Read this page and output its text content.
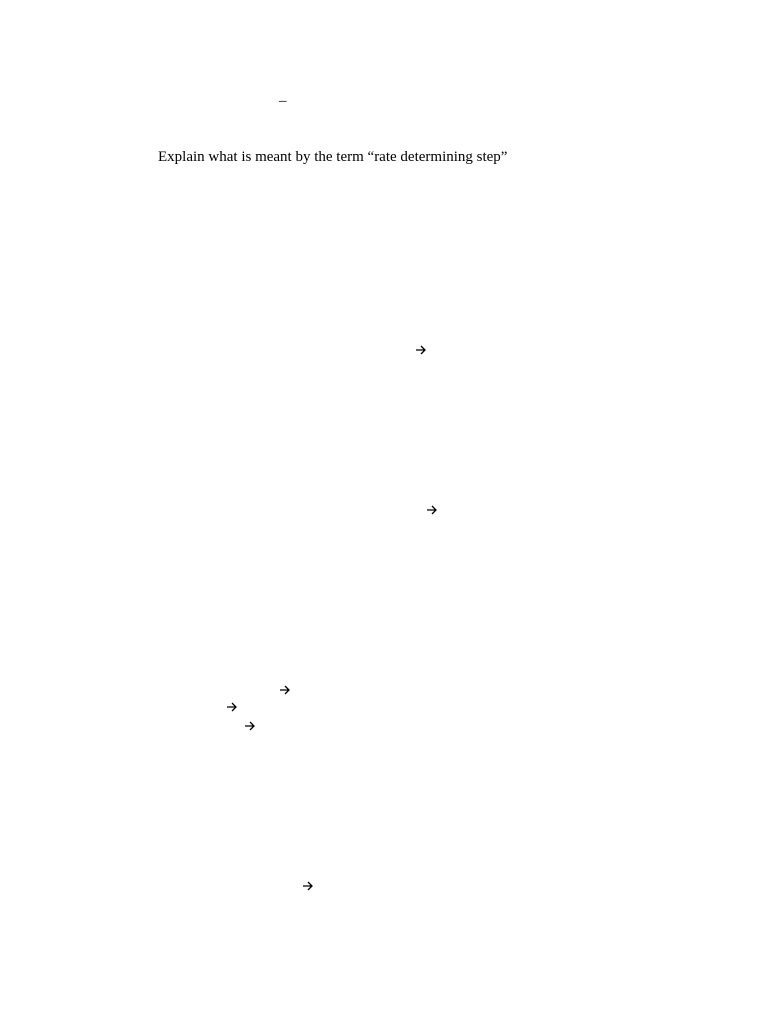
–
Explain what is meant by the term “rate determining step”
